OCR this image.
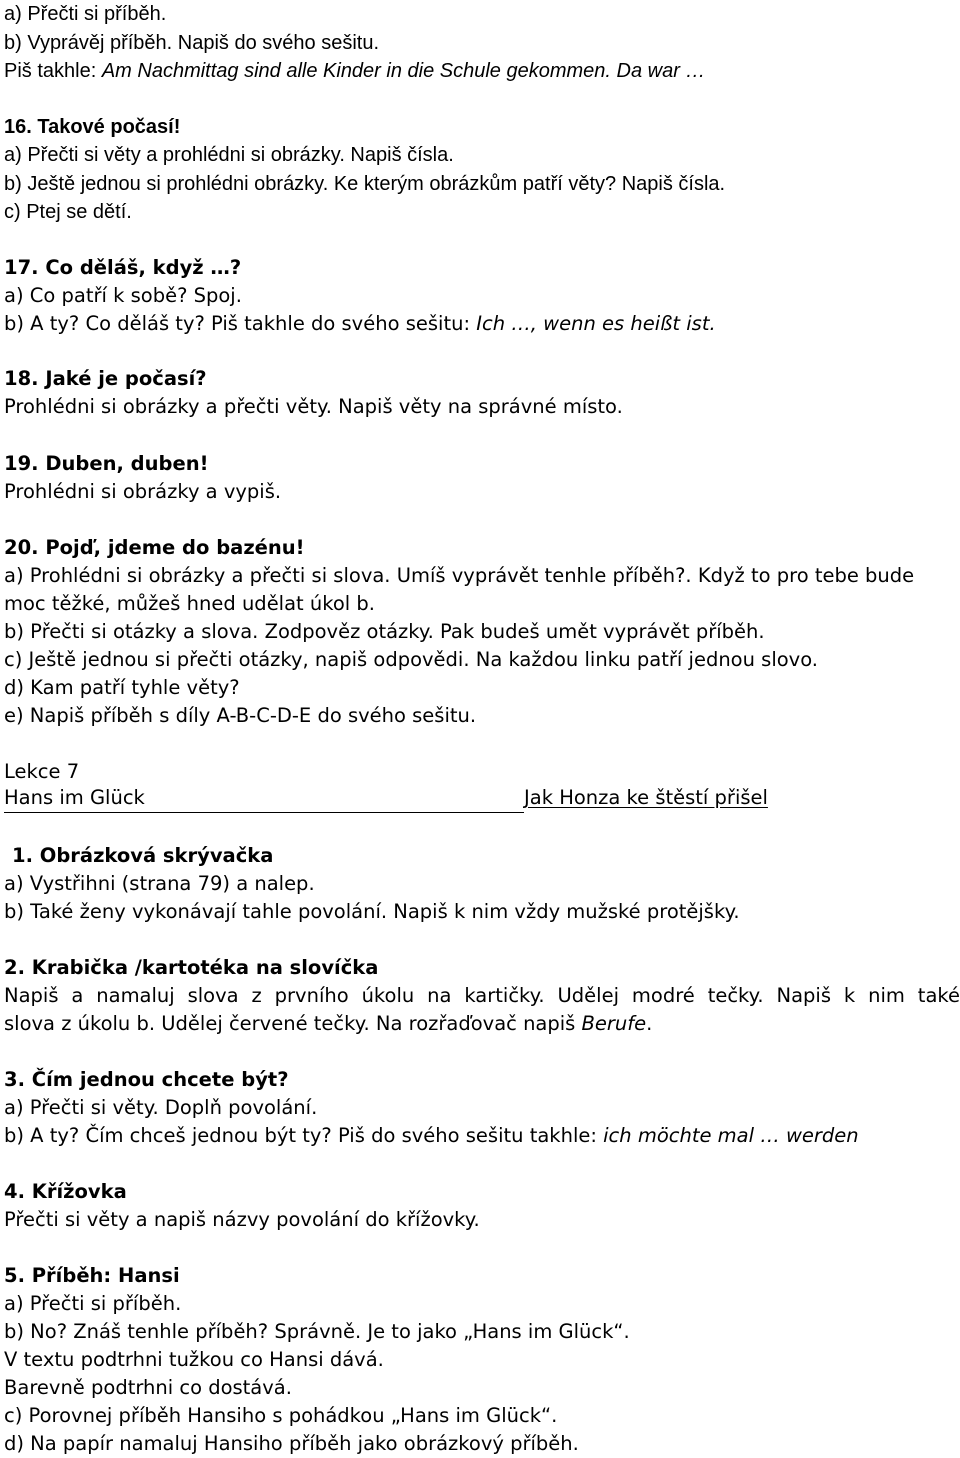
a) Přečti si příběh.
b) Vyprávěj příběh. Napiš do svého sešitu.
Piš takhle: Am Nachmittag sind alle Kinder in die Schule gekommen. Da war …
16. Takové počasí!
a) Přečti si věty a prohlédni si obrázky. Napiš čísla.
b) Ještě jednou si prohlédni obrázky. Ke kterým obrázkům patří věty? Napiš čísla.
c) Ptej se dětí.
17. Co děláš, když …?
a) Co patří k sobě? Spoj.
b) A ty? Co děláš ty? Piš takhle do svého sešitu: Ich …, wenn es heißt ist.
18. Jaké je počasí?
Prohlédni si obrázky a přečti věty. Napiš věty na správné místo.
19. Duben, duben!
Prohlédni si obrázky a vypiš.
20. Pojď, jdeme do bazénu!
a) Prohlédni si obrázky a přečti si slova. Umíš vyprávět tenhle příběh?. Když to pro tebe bude
moc těžké, můžeš hned udělat úkol b.
b) Přečti si otázky a slova. Zodpověz otázky. Pak budeš umět vyprávět příběh.
c) Ještě jednou si přečti otázky, napiš odpovědi. Na každou linku patří jednou slovo.
d) Kam patří tyhle věty?
e) Napiš příběh s díly A-B-C-D-E do svého sešitu.
Lekce 7
Hans im Glück	Jak Honza ke štěstí přišel
1. Obrázková skrývačka
a) Vystřihni (strana 79) a nalep.
b) Také ženy vykonávají tahle povolání. Napiš k nim vždy mužské protějšky.
2. Krabička /kartotéka na slovíčka
Napiš a namaluj slova z prvního úkolu na kartičky. Udělej modré tečky. Napiš k nim také
slova z úkolu b. Udělej červené tečky. Na rozřaďovač napiš Berufe.
3. Čím jednou chcete být?
a) Přečti si věty. Doplň povolání.
b) A ty? Čím chceš jednou být ty? Piš do svého sešitu takhle: ich möchte mal … werden
4. Křížovka
Přečti si věty a napiš názvy povolání do křížovky.
5. Příběh: Hansi
a) Přečti si příběh.
b) No? Znáš tenhle příběh? Správně. Je to jako „Hans im Glück“.
V textu podtrhni tužkou co Hansi dává.
Barevně podtrhni co dostává.
c) Porovnej příběh Hansiho s pohádkou „Hans im Glück“.
d) Na papír namaluj Hansiho příběh jako obrázkový příběh.
